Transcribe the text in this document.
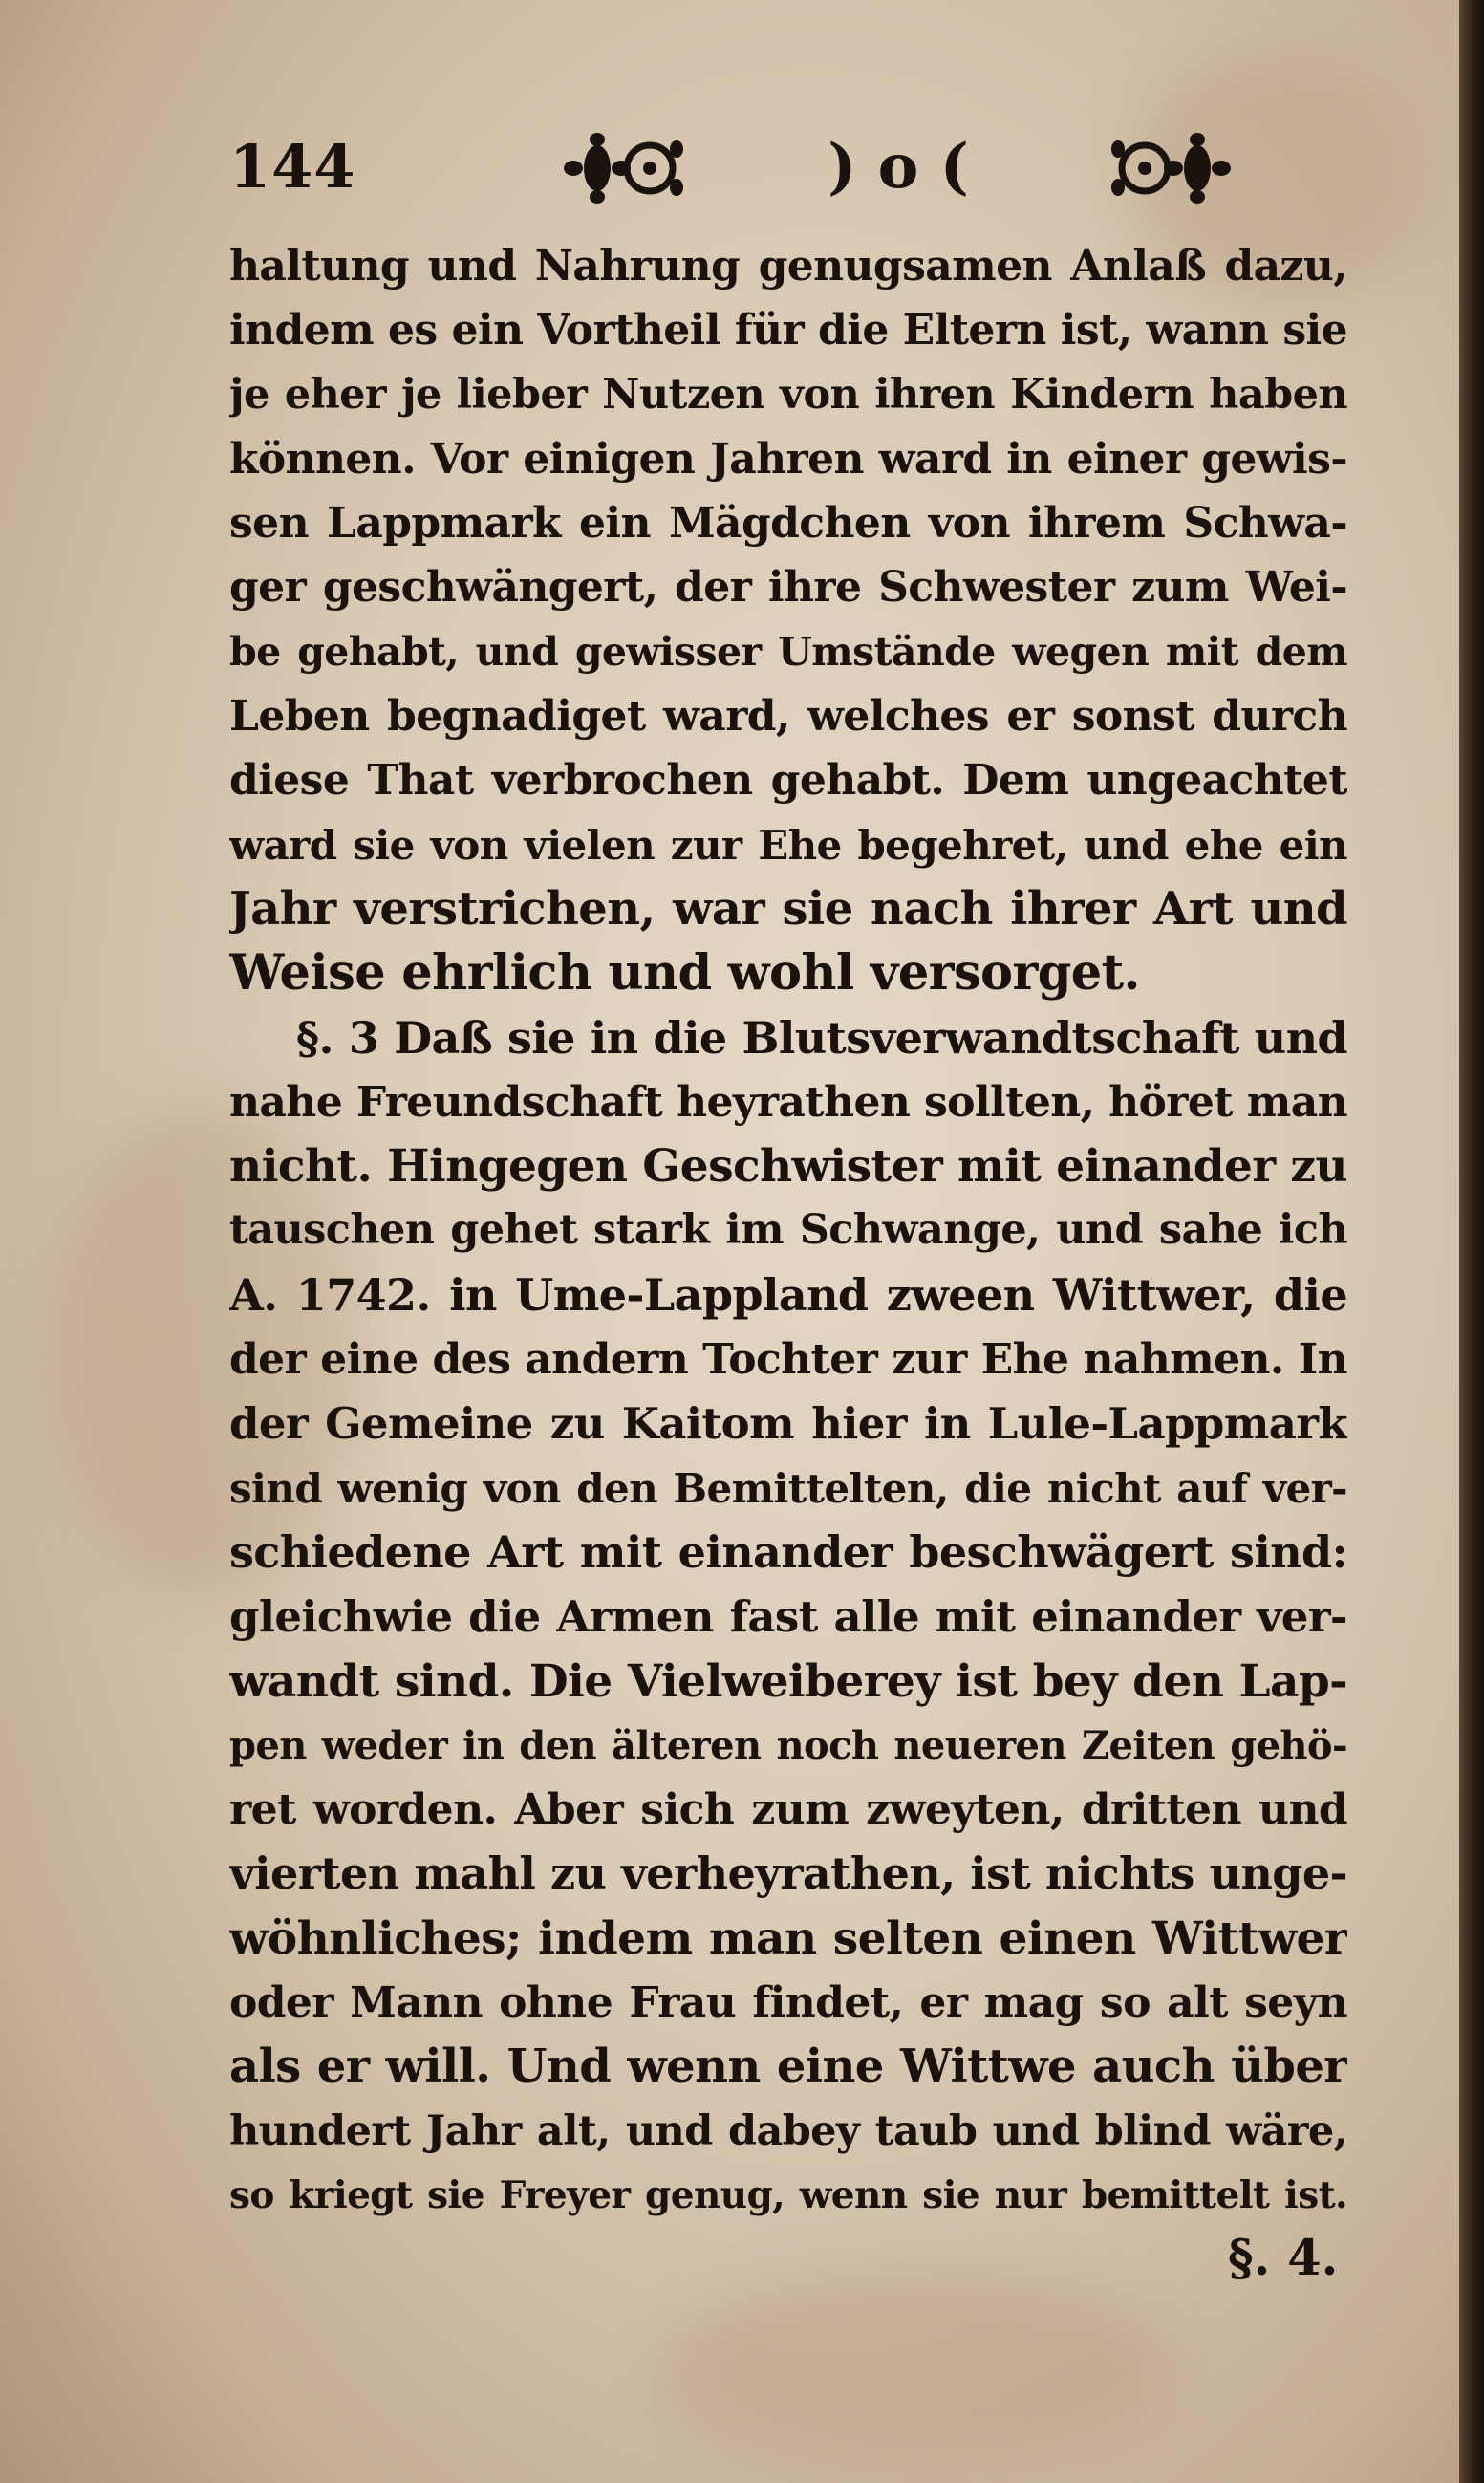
144	) o (
haltung und Nahrung genugsamen Anlaß dazu,
indem es ein Vortheil für die Eltern ist, wann sie
je eher je lieber Nutzen von ihren Kindern haben
können. Vor einigen Jahren ward in einer gewis-
sen Lappmark ein Mägdchen von ihrem Schwa-
ger geschwängert, der ihre Schwester zum Wei-
be gehabt, und gewisser Umstände wegen mit dem
Leben begnadiget ward, welches er sonst durch
diese That verbrochen gehabt. Dem ungeachtet
ward sie von vielen zur Ehe begehret, und ehe ein
Jahr verstrichen, war sie nach ihrer Art und
Weise ehrlich und wohl versorget.
§. 3 Daß sie in die Blutsverwandtschaft und
nahe Freundschaft heyrathen sollten, höret man
nicht. Hingegen Geschwister mit einander zu
tauschen gehet stark im Schwange, und sahe ich
A. 1742. in Ume-Lappland zween Wittwer, die
der eine des andern Tochter zur Ehe nahmen. In
der Gemeine zu Kaitom hier in Lule-Lappmark
sind wenig von den Bemittelten, die nicht auf ver-
schiedene Art mit einander beschwägert sind:
gleichwie die Armen fast alle mit einander ver-
wandt sind. Die Vielweiberey ist bey den Lap-
pen weder in den älteren noch neueren Zeiten gehö-
ret worden. Aber sich zum zweyten, dritten und
vierten mahl zu verheyrathen, ist nichts unge-
wöhnliches; indem man selten einen Wittwer
oder Mann ohne Frau findet, er mag so alt seyn
als er will. Und wenn eine Wittwe auch über
hundert Jahr alt, und dabey taub und blind wäre,
so kriegt sie Freyer genug, wenn sie nur bemittelt ist.
§. 4.
